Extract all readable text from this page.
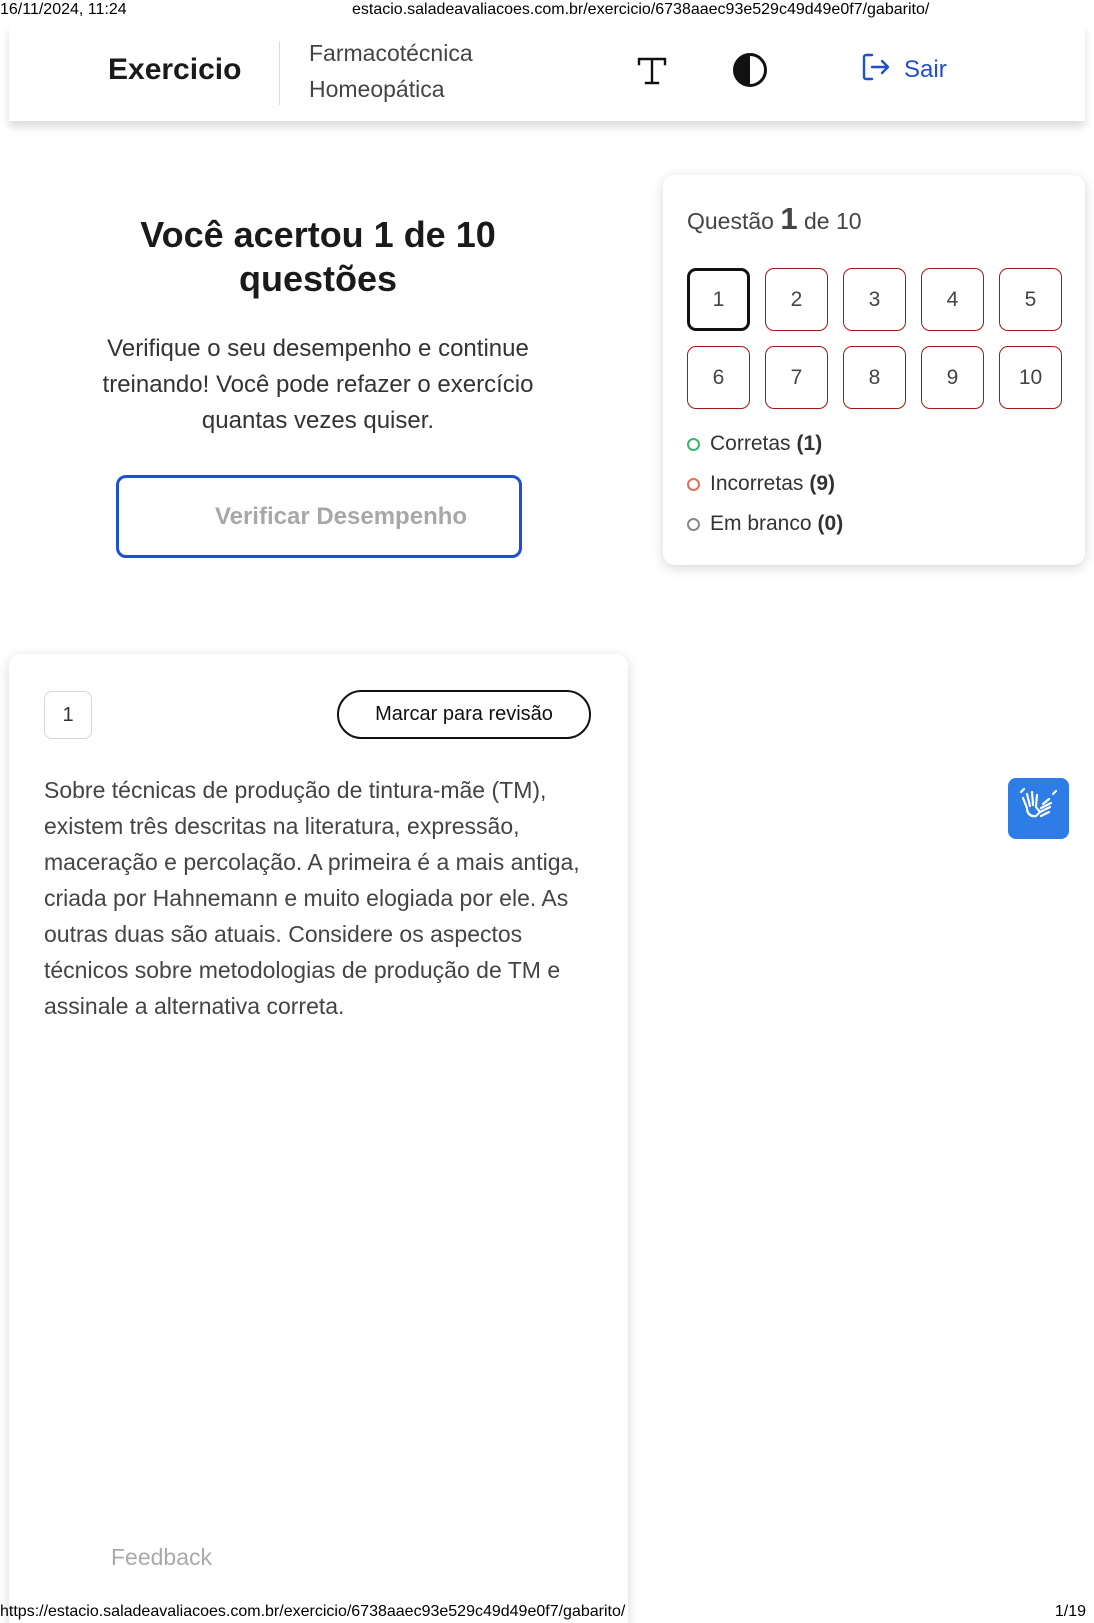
16/11/2024, 11:24	estacio.saladeavaliacoes.com.br/exercicio/6738aaec93e529c49d49e0f7/gabarito/
Exercicio	Farmacotécnica
Homeopática
Sair
Você acertou 1 de 10 questões
Verifique o seu desempenho e continue treinando! Você pode refazer o exercício quantas vezes quiser.
Verificar Desempenho
Questão 1 de 10
1	2	3	4	5
6	7	8	9	10
Corretas (1)
Incorretas (9)
Em branco (0)
1	Marcar para revisão
Sobre técnicas de produção de tintura-mãe (TM), existem três descritas na literatura, expressão, maceração e percolação. A primeira é a mais antiga, criada por Hahnemann e muito elogiada por ele. As outras duas são atuais. Considere os aspectos técnicos sobre metodologias de produção de TM e assinale a alternativa correta.
Feedback
https://estacio.saladeavaliacoes.com.br/exercicio/6738aaec93e529c49d49e0f7/gabarito/	1/19
